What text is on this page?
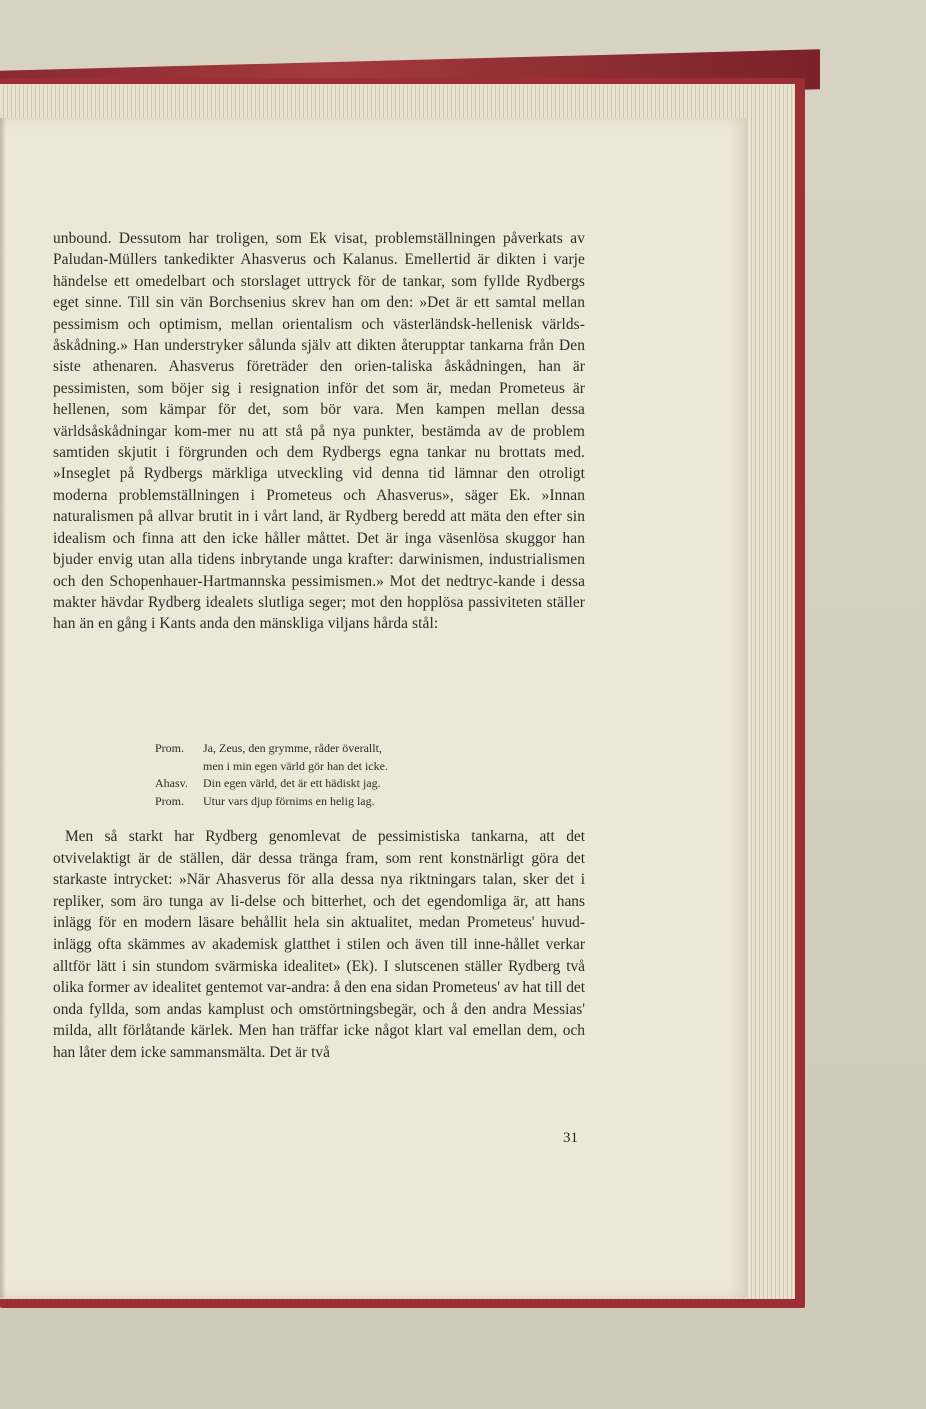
unbound. Dessutom har troligen, som Ek visat, problemställningen påverkats av Paludan-Müllers tankedikter Ahasverus och Kalanus. Emellertid är dikten i varje händelse ett omedelbart och storslaget uttryck för de tankar, som fyllde Rydbergs eget sinne. Till sin vän Borchsenius skrev han om den: »Det är ett samtal mellan pessimism och optimism, mellan orientalism och västerländsk-hellenisk världs-åskådning.» Han understryker sålunda själv att dikten återupptar tankarna från Den siste athenaren. Ahasverus företräder den orien-taliska åskådningen, han är pessimisten, som böjer sig i resignation inför det som är, medan Prometeus är hellenen, som kämpar för det, som bör vara. Men kampen mellan dessa världsåskådningar kom-mer nu att stå på nya punkter, bestämda av de problem samtiden skjutit i förgrunden och dem Rydbergs egna tankar nu brottats med. »Inseglet på Rydbergs märkliga utveckling vid denna tid lämnar den otroligt moderna problemställningen i Prometeus och Ahasverus», säger Ek. »Innan naturalismen på allvar brutit in i vårt land, är Rydberg beredd att mäta den efter sin idealism och finna att den icke håller måttet. Det är inga väsenlösa skuggor han bjuder envig utan alla tidens inbrytande unga krafter: darwinismen, industrialismen och den Schopenhauer-Hartmannska pessimismen.» Mot det nedtryc-kande i dessa makter hävdar Rydberg idealets slutliga seger; mot den hopplösa passiviteten ställer han än en gång i Kants anda den mänskliga viljans hårda stål:

Prom.	Ja, Zeus, den grymme, råder överallt,
men i min egen värld gör han det icke.
Ahasv.	Din egen värld, det är ett hädiskt jag.
Prom.	Utur vars djup förnims en helig lag.

Men så starkt har Rydberg genomlevat de pessimistiska tankarna, att det otvivelaktigt är de ställen, där dessa tränga fram, som rent konstnärligt göra det starkaste intrycket: »När Ahasverus för alla dessa nya riktningars talan, sker det i repliker, som äro tunga av li-delse och bitterhet, och det egendomliga är, att hans inlägg för en modern läsare behållit hela sin aktualitet, medan Prometeus' huvud-inlägg ofta skämmes av akademisk glatthet i stilen och även till inne-hållet verkar alltför lätt i sin stundom svärmiska idealitet» (Ek). I slutscenen ställer Rydberg två olika former av idealitet gentemot var-andra: å den ena sidan Prometeus' av hat till det onda fyllda, som andas kamplust och omstörtningsbegär, och å den andra Messias' milda, allt förlåtande kärlek. Men han träffar icke något klart val emellan dem, och han låter dem icke sammansmälta. Det är två

31
